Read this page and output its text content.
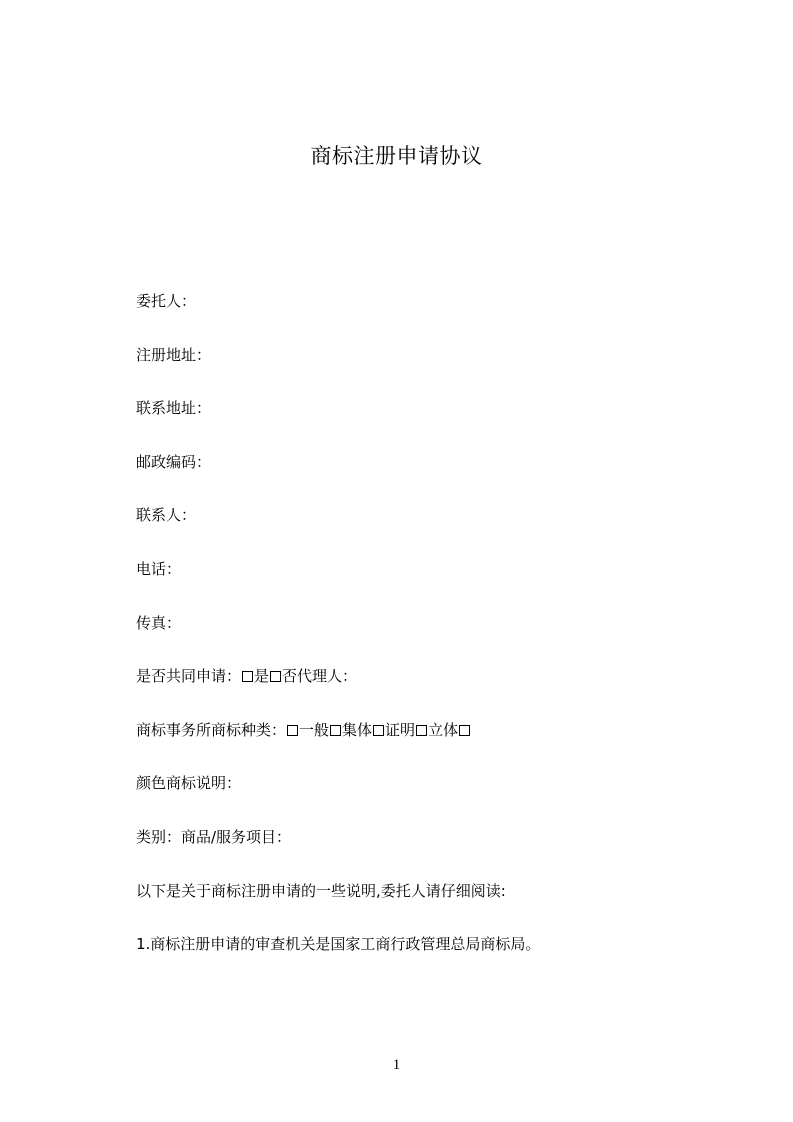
商标注册申请协议
委托人：
注册地址：
联系地址：
邮政编码：
联系人：
电话：
传真：
是否共同申请： 是 否代理人：
商标事务所商标种类： 一般 集体 证明 立体
颜色商标说明：
类别：商品/服务项目：
以下是关于商标注册申请的一些说明,委托人请仔细阅读:
1.商标注册申请的审查机关是国家工商行政管理总局商标局。
1
